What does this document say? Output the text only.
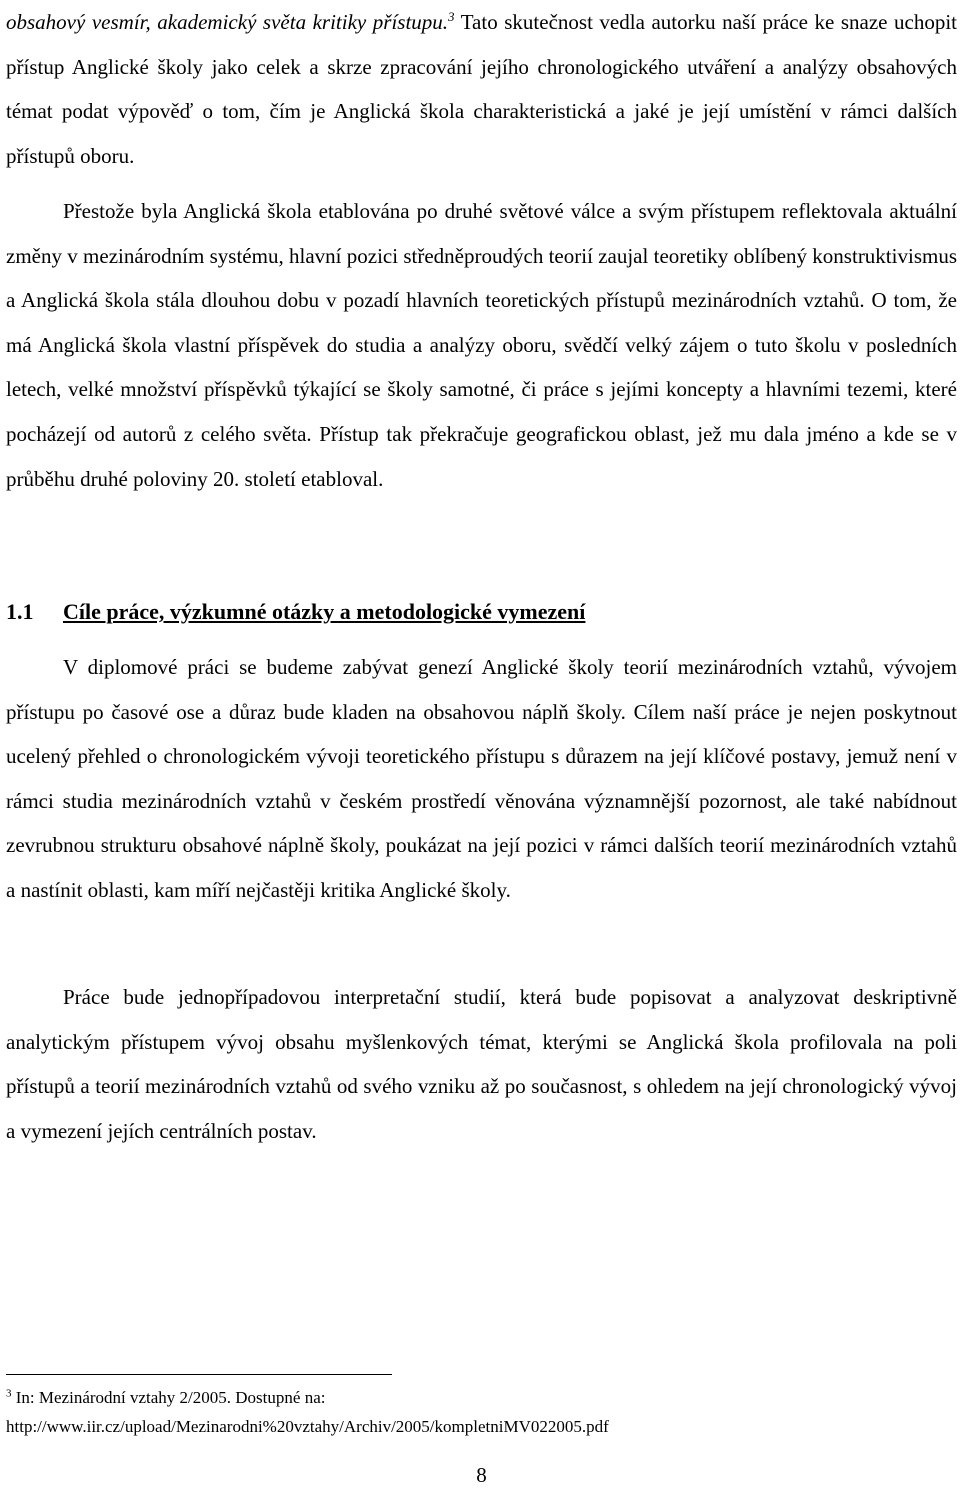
obsahový vesmír, akademický světa kritiky přístupu.$^3$ Tato skutečnost vedla autorku naší práce ke snaze uchopit přístup Anglické školy jako celek a skrze zpracování jejího chronologického utváření a analýzy obsahových témat podat výpověď o tom, čím je Anglická škola charakteristická a jaké je její umístění v rámci dalších přístupů oboru.

Přestože byla Anglická škola etablována po druhé světové válce a svým přístupem reflektovala aktuální změny v mezinárodním systému, hlavní pozici středněproudých teorií zaujal teoretiky oblíbený konstruktivismus a Anglická škola stála dlouhou dobu v pozadí hlavních teoretických přístupů mezinárodních vztahů. O tom, že má Anglická škola vlastní příspěvek do studia a analýzy oboru, svědčí velký zájem o tuto školu v posledních letech, velké množství příspěvků týkající se školy samotné, či práce s jejími koncepty a hlavními tezemi, které pocházejí od autorů z celého světa. Přístup tak překračuje geografickou oblast, jež mu dala jméno a kde se v průběhu druhé poloviny 20. století etabloval.

1.1 Cíle práce, výzkumné otázky a metodologické vymezení

V diplomové práci se budeme zabývat genezí Anglické školy teorií mezinárodních vztahů, vývojem přístupu po časové ose a důraz bude kladen na obsahovou náplň školy. Cílem naší práce je nejen poskytnout ucelený přehled o chronologickém vývoji teoretického přístupu s důrazem na její klíčové postavy, jemuž není v rámci studia mezinárodních vztahů v českém prostředí věnována významnější pozornost, ale také nabídnout zevrubnou strukturu obsahové náplně školy, poukázat na její pozici v rámci dalších teorií mezinárodních vztahů a nastínit oblasti, kam míří nejčastěji kritika Anglické školy.

Práce bude jednopřípadovou interpretační studií, která bude popisovat a analyzovat deskriptivně analytickým přístupem vývoj obsahu myšlenkových témat, kterými se Anglická škola profilovala na poli přístupů a teorií mezinárodních vztahů od svého vzniku až po současnost, s ohledem na její chronologický vývoj a vymezení jejích centrálních postav.

$^3$ In: Mezinárodní vztahy 2/2005. Dostupné na:
http://www.iir.cz/upload/Mezinarodni%20vztahy/Archiv/2005/kompletniMV022005.pdf

8
